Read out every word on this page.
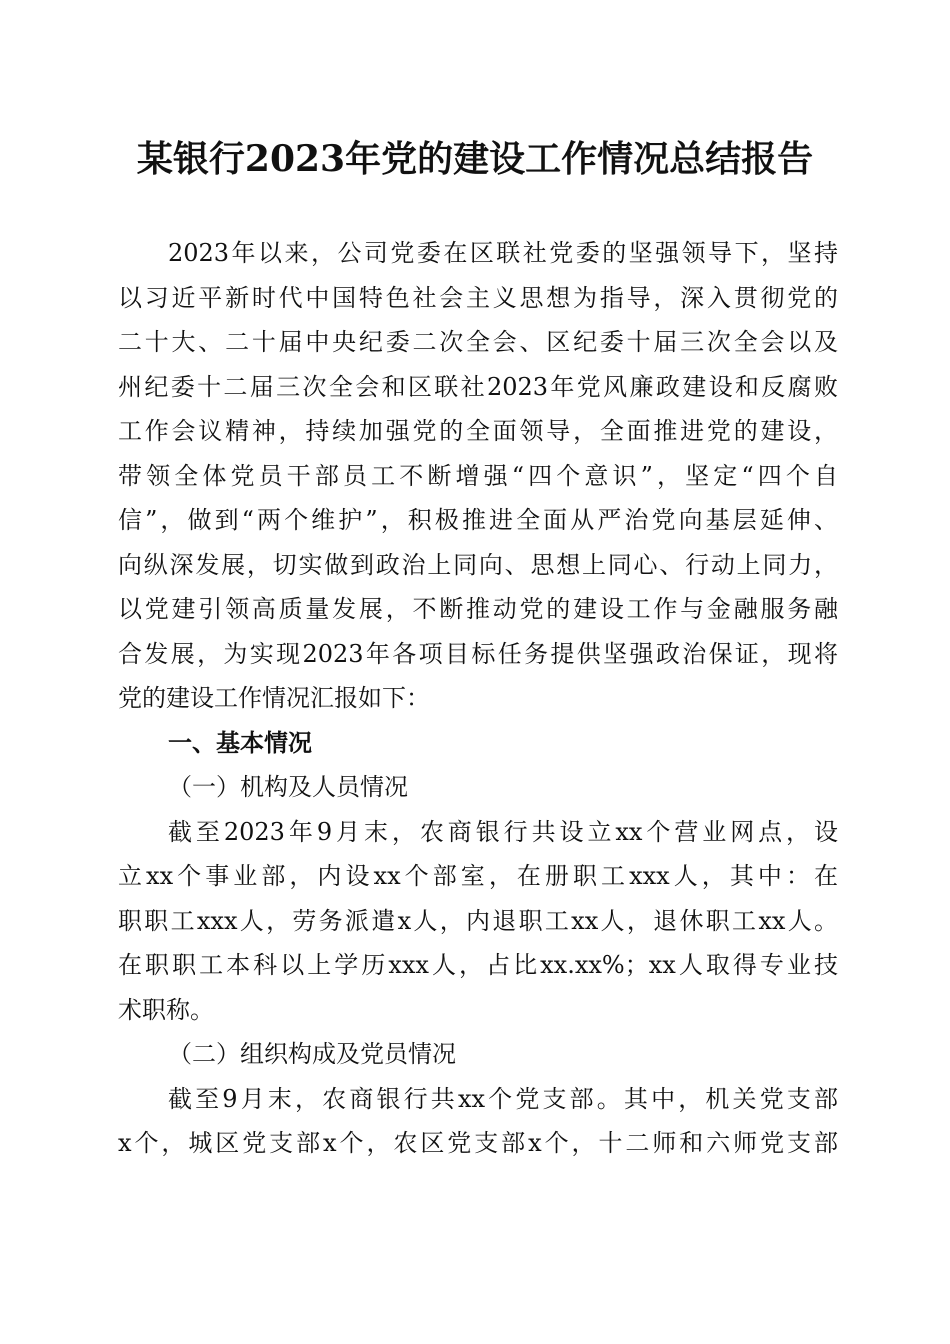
某银行2023年党的建设工作情况总结报告
2023年以来，公司党委在区联社党委的坚强领导下，坚持
以习近平新时代中国特色社会主义思想为指导，深入贯彻党的
二十大、二十届中央纪委二次全会、区纪委十届三次全会以及
州纪委十二届三次全会和区联社2023年党风廉政建设和反腐败
工作会议精神，持续加强党的全面领导，全面推进党的建设，
带领全体党员干部员工不断增强“四个意识”，坚定“四个自
信”，做到“两个维护”，积极推进全面从严治党向基层延伸、
向纵深发展，切实做到政治上同向、思想上同心、行动上同力，
以党建引领高质量发展，不断推动党的建设工作与金融服务融
合发展，为实现2023年各项目标任务提供坚强政治保证，现将
党的建设工作情况汇报如下：
一、基本情况
（一）机构及人员情况
截至2023年9月末，农商银行共设立xx个营业网点，设
立xx个事业部，内设xx个部室，在册职工xxx人，其中：在
职职工xxx人，劳务派遣x人，内退职工xx人，退休职工xx人。
在职职工本科以上学历xxx人，占比xx.xx%；xx人取得专业技
术职称。
（二）组织构成及党员情况
截至9月末，农商银行共xx个党支部。其中，机关党支部
x个，城区党支部x个，农区党支部x个，十二师和六师党支部
